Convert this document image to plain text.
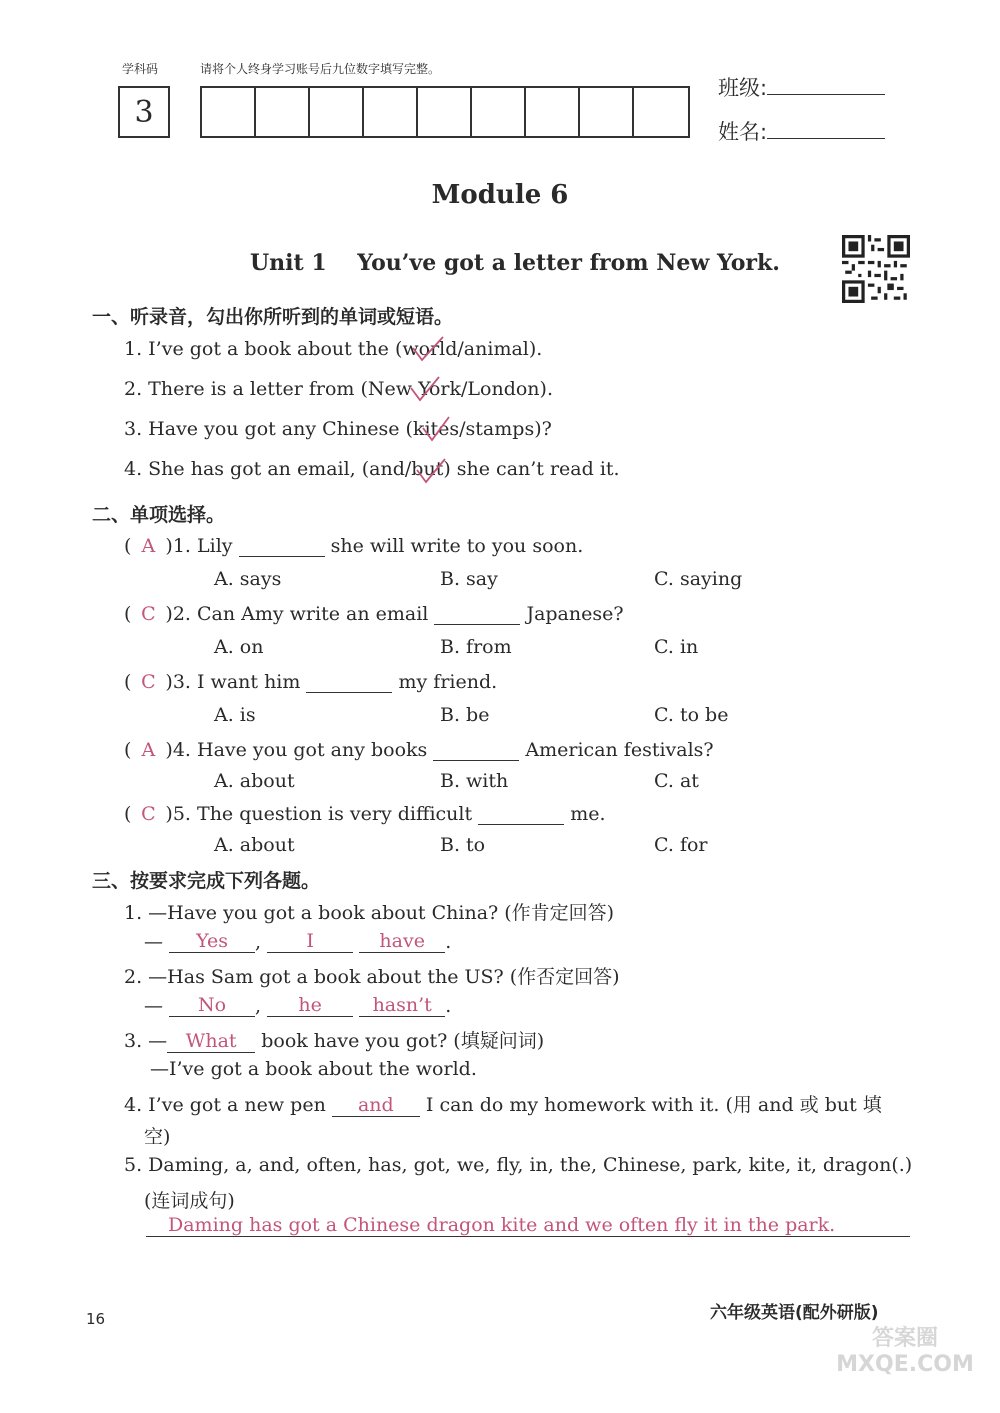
学科码	请将个人终身学习账号后九位数字填写完整。
3
班级:
姓名:
Module 6
Unit 1    You’ve got a letter from New York.
一、听录音，勾出你所听到的单词或短语。
1. I’ve got a book about the (world/animal).
2. There is a letter from (New York/London).
3. Have you got any Chinese (kites/stamps)?
4. She has got an email, (and/but) she can’t read it.
二、单项选择。
( A )1. Lily	she will write to you soon.
A. says	B. say	C. saying
( C )2. Can Amy write an email	Japanese?
A. on	B. from	C. in
( C )3. I want him	my friend.
A. is	B. be	C. to be
( A )4. Have you got any books	American festivals?
A. about	B. with	C. at
( C )5. The question is very difficult	me.
A. about	B. to	C. for
三、按要求完成下列各题。
1. —Have you got a book about China? (作肯定回答)
— Yes , I	have .
2. —Has Sam got a book about the US? (作否定回答)
— No , he	hasn’t .
3. — What book have you got? (填疑问词)
—I’ve got a book about the world.
4. I’ve got a new pen and I can do my homework with it. (用 and 或 but 填
空)
5. Daming, a, and, often, has, got, we, fly, in, the, Chinese, park, kite, it, dragon(.)
(连词成句)
Daming has got a Chinese dragon kite and we often fly it in the park.
16	六年级英语(配外研版)
答案圈 MXQE.COM
